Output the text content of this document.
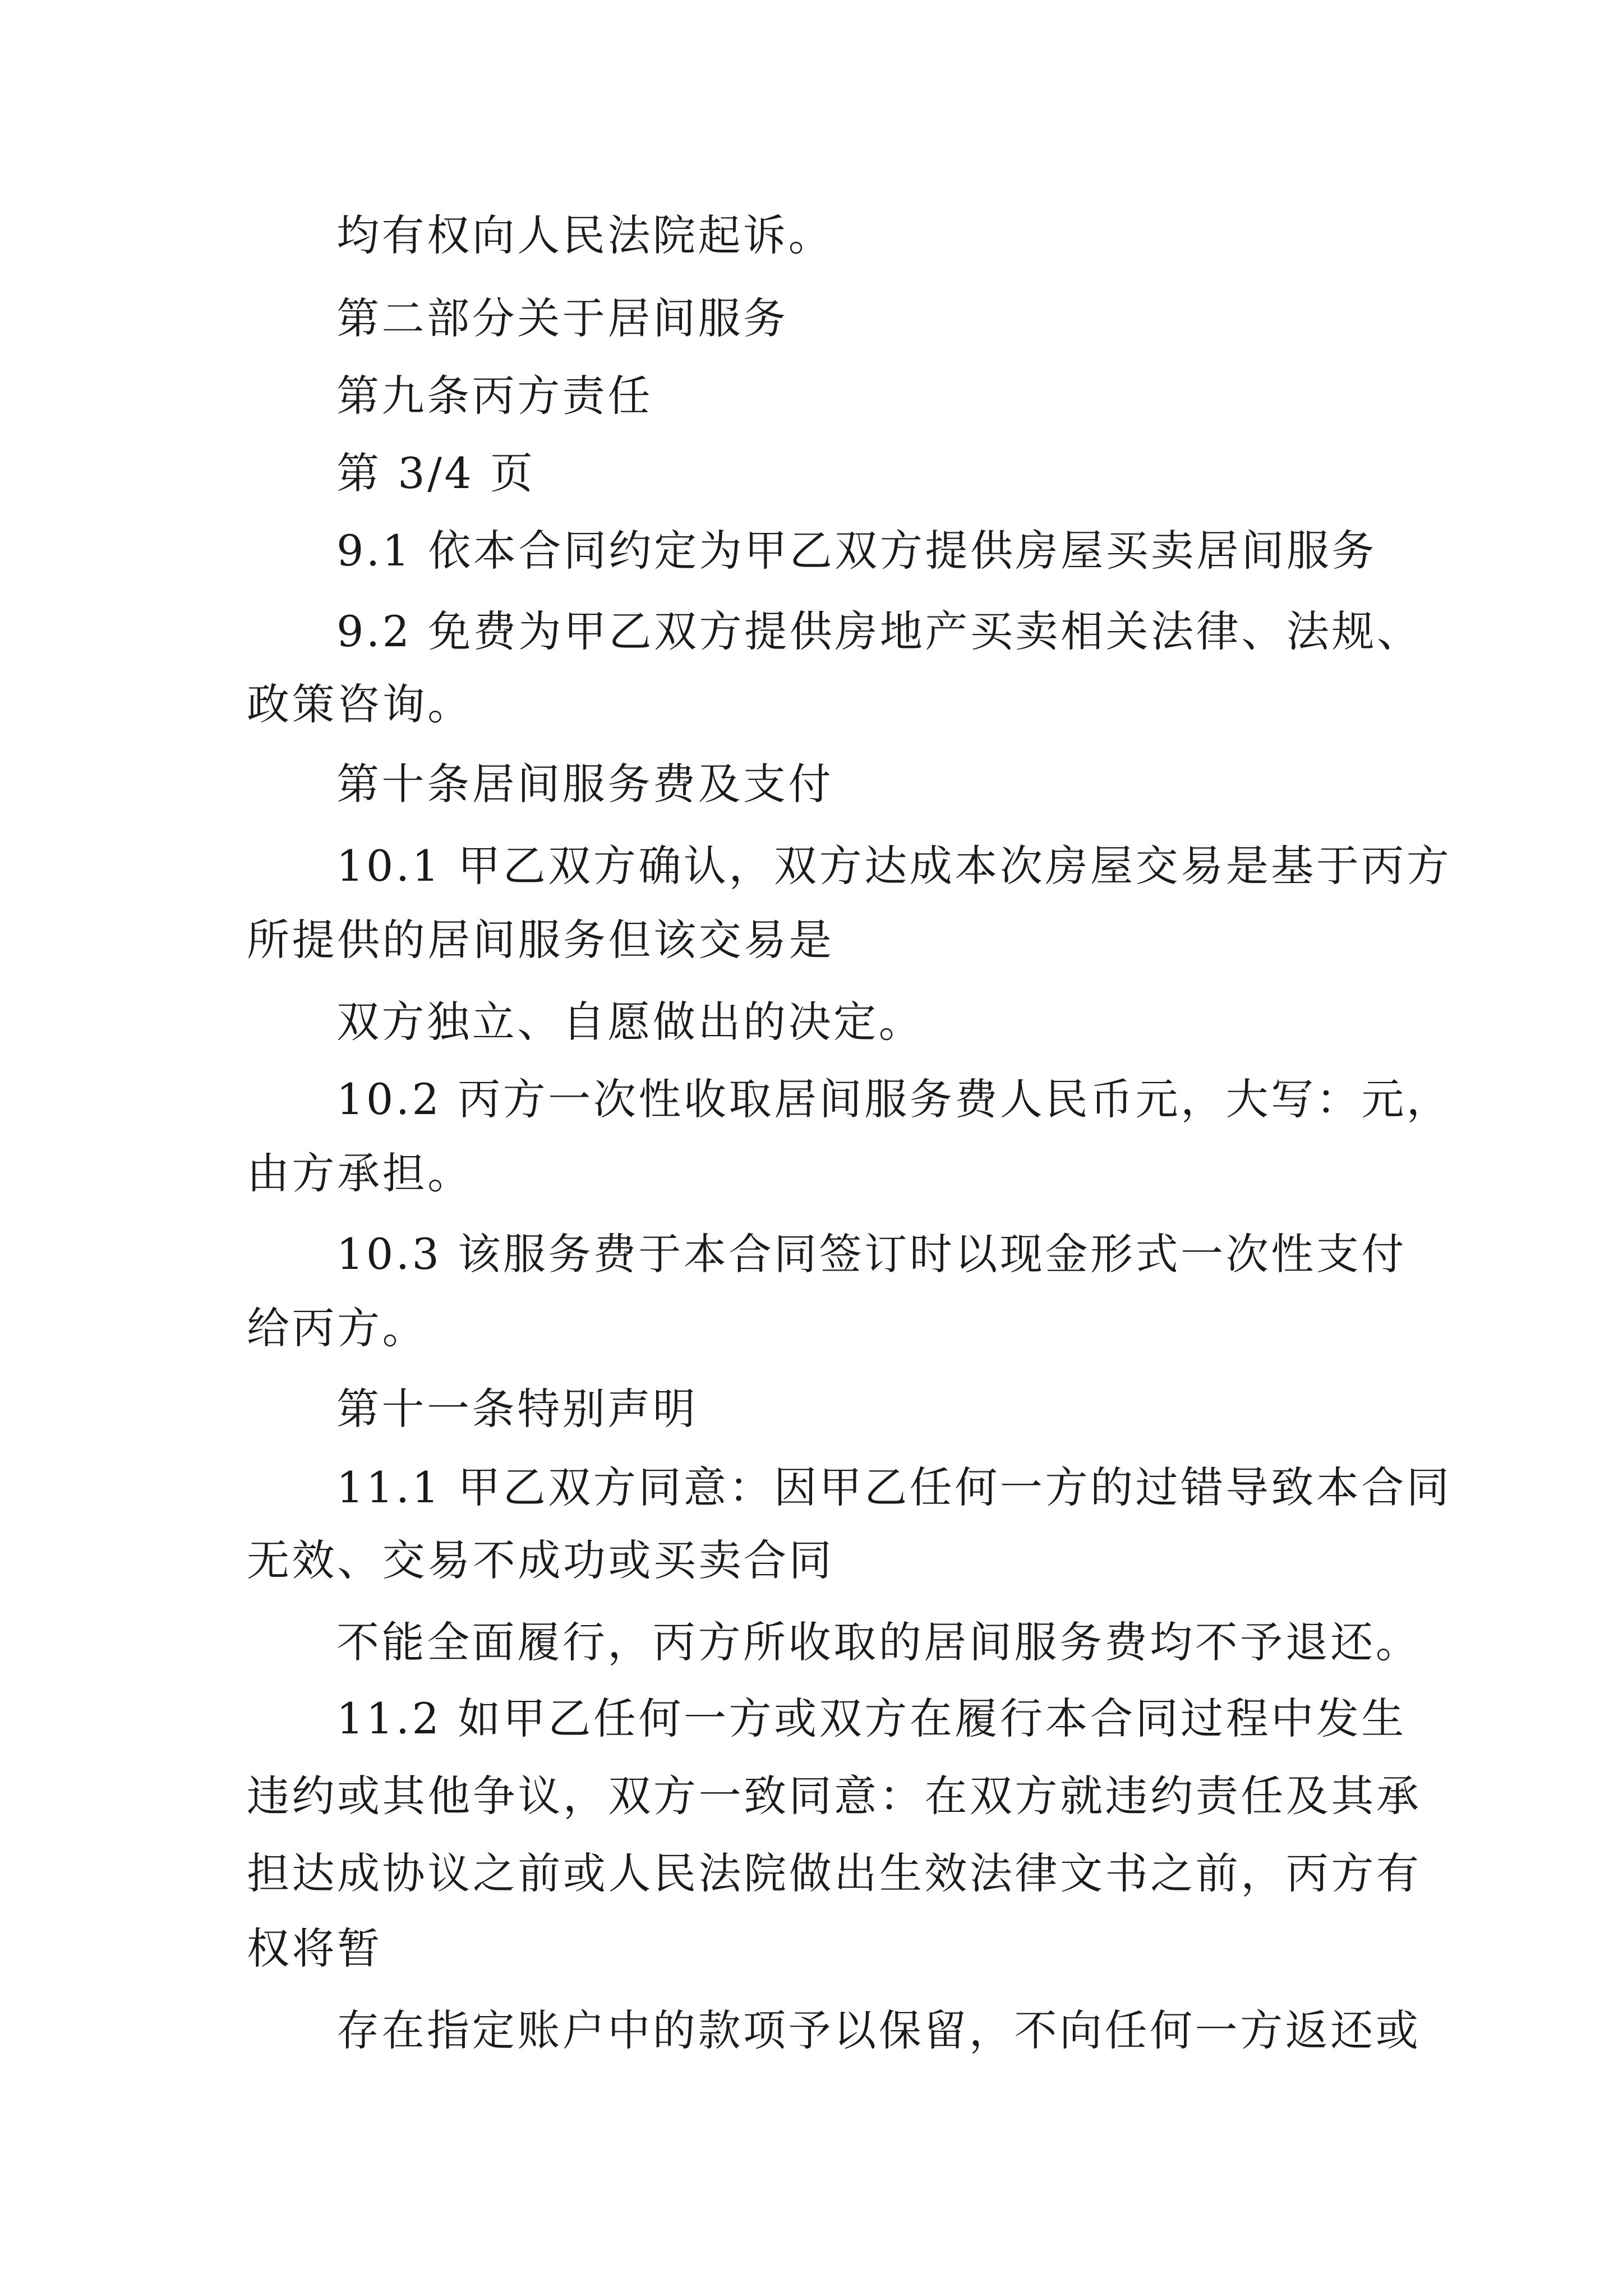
均有权向人民法院起诉。

第二部分关于居间服务

第九条丙方责任

第 3/4 页

9.1 依本合同约定为甲乙双方提供房屋买卖居间服务

9.2 免费为甲乙双方提供房地产买卖相关法律、法规、

政策咨询。

第十条居间服务费及支付

10.1 甲乙双方确认，双方达成本次房屋交易是基于丙方

所提供的居间服务但该交易是

双方独立、自愿做出的决定。

10.2 丙方一次性收取居间服务费人民币元，大写：元，

由方承担。

10.3 该服务费于本合同签订时以现金形式一次性支付

给丙方。

第十一条特别声明

11.1 甲乙双方同意：因甲乙任何一方的过错导致本合同

无效、交易不成功或买卖合同

不能全面履行，丙方所收取的居间服务费均不予退还。

11.2 如甲乙任何一方或双方在履行本合同过程中发生

违约或其他争议，双方一致同意：在双方就违约责任及其承

担达成协议之前或人民法院做出生效法律文书之前，丙方有

权将暂

存在指定账户中的款项予以保留，不向任何一方返还或
